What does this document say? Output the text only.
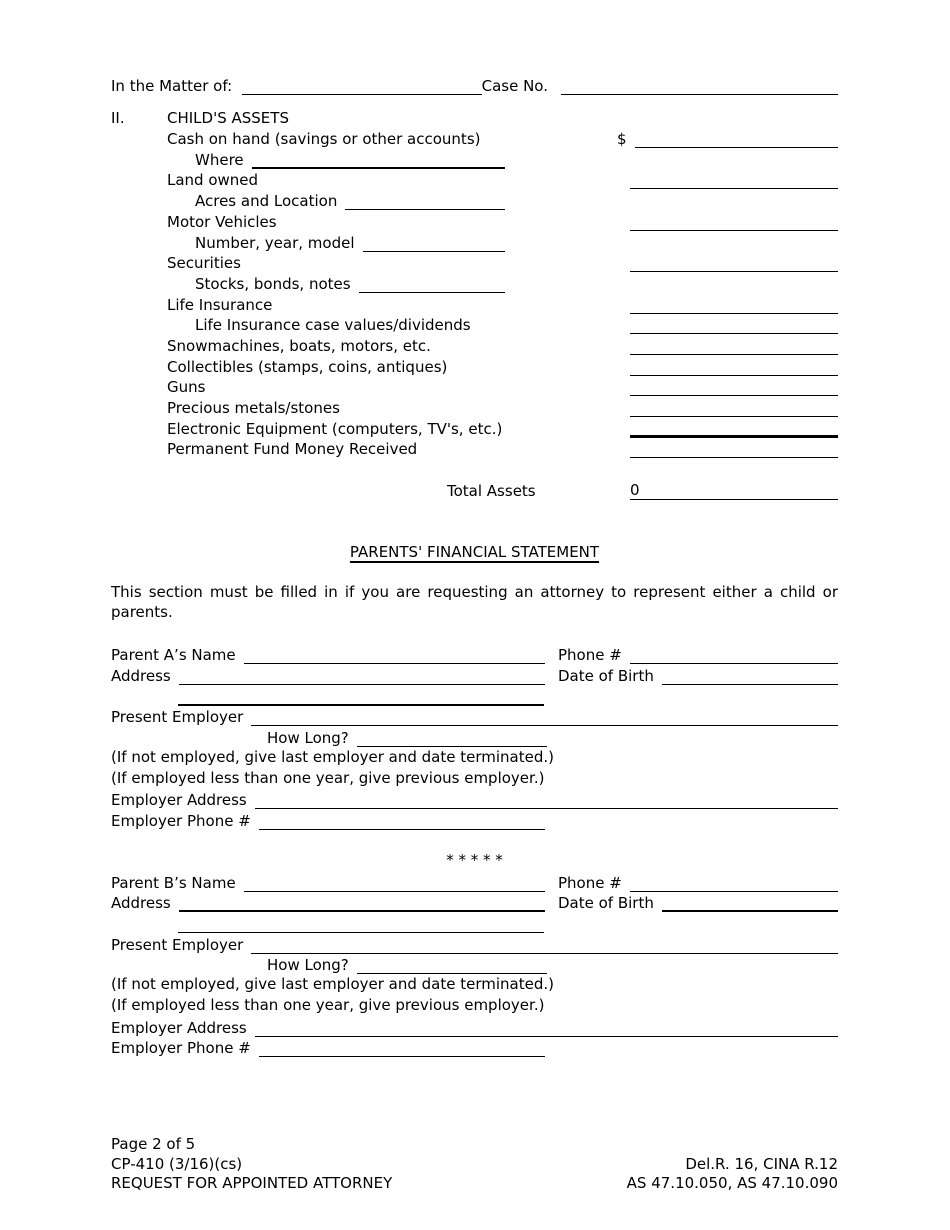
In the Matter of:	Case No.
II.	CHILD'S ASSETS
Cash on hand (savings or other accounts)	$
Where
Land owned
Acres and Location
Motor Vehicles
Number, year, model
Securities
Stocks, bonds, notes
Life Insurance
Life Insurance case values/dividends
Snowmachines, boats, motors, etc.
Collectibles (stamps, coins, antiques)
Guns
Precious metals/stones
Electronic Equipment (computers, TV's, etc.)
Permanent Fund Money Received
Total Assets	0
PARENTS' FINANCIAL STATEMENT
This section must be filled in if you are requesting an attorney to represent either a child or
parents.
Parent A’s Name	Phone #
Address	Date of Birth
Present Employer
How Long?
(If not employed, give last employer and date terminated.)
(If employed less than one year, give previous employer.)
Employer Address
Employer Phone #
* * * * *
Parent B’s Name	Phone #
Address	Date of Birth
Present Employer
How Long?
(If not employed, give last employer and date terminated.)
(If employed less than one year, give previous employer.)
Employer Address
Employer Phone #
Page 2 of 5
CP-410 (3/16)(cs)	Del.R. 16, CINA R.12
REQUEST FOR APPOINTED ATTORNEY	AS 47.10.050, AS 47.10.090
